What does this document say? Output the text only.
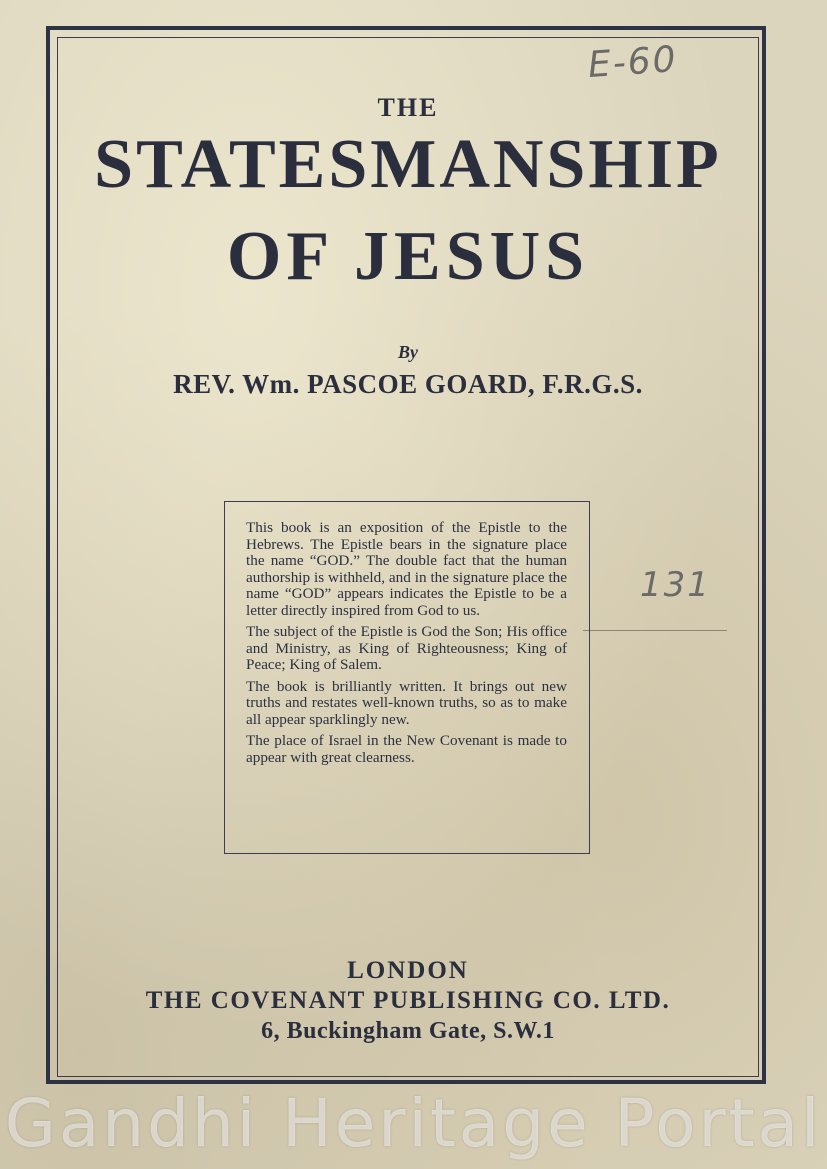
E-60
131
THE
STATESMANSHIP
OF JESUS
By
REV. Wm. PASCOE GOARD, F.R.G.S.

This book is an exposition of the Epistle to the Hebrews. The Epistle bears in the signature place the name “GOD.” The double fact that the human authorship is withheld, and in the signature place the name “GOD” appears indicates the Epistle to be a letter directly inspired from God to us.

The subject of the Epistle is God the Son; His office and Ministry, as King of Righteousness; King of Peace; King of Salem.

The book is brilliantly written. It brings out new truths and restates well-known truths, so as to make all appear sparklingly new.

The place of Israel in the New Covenant is made to appear with great clearness.

LONDON
THE COVENANT PUBLISHING CO. LTD.
6, Buckingham Gate, S.W.1
Gandhi Heritage Portal
